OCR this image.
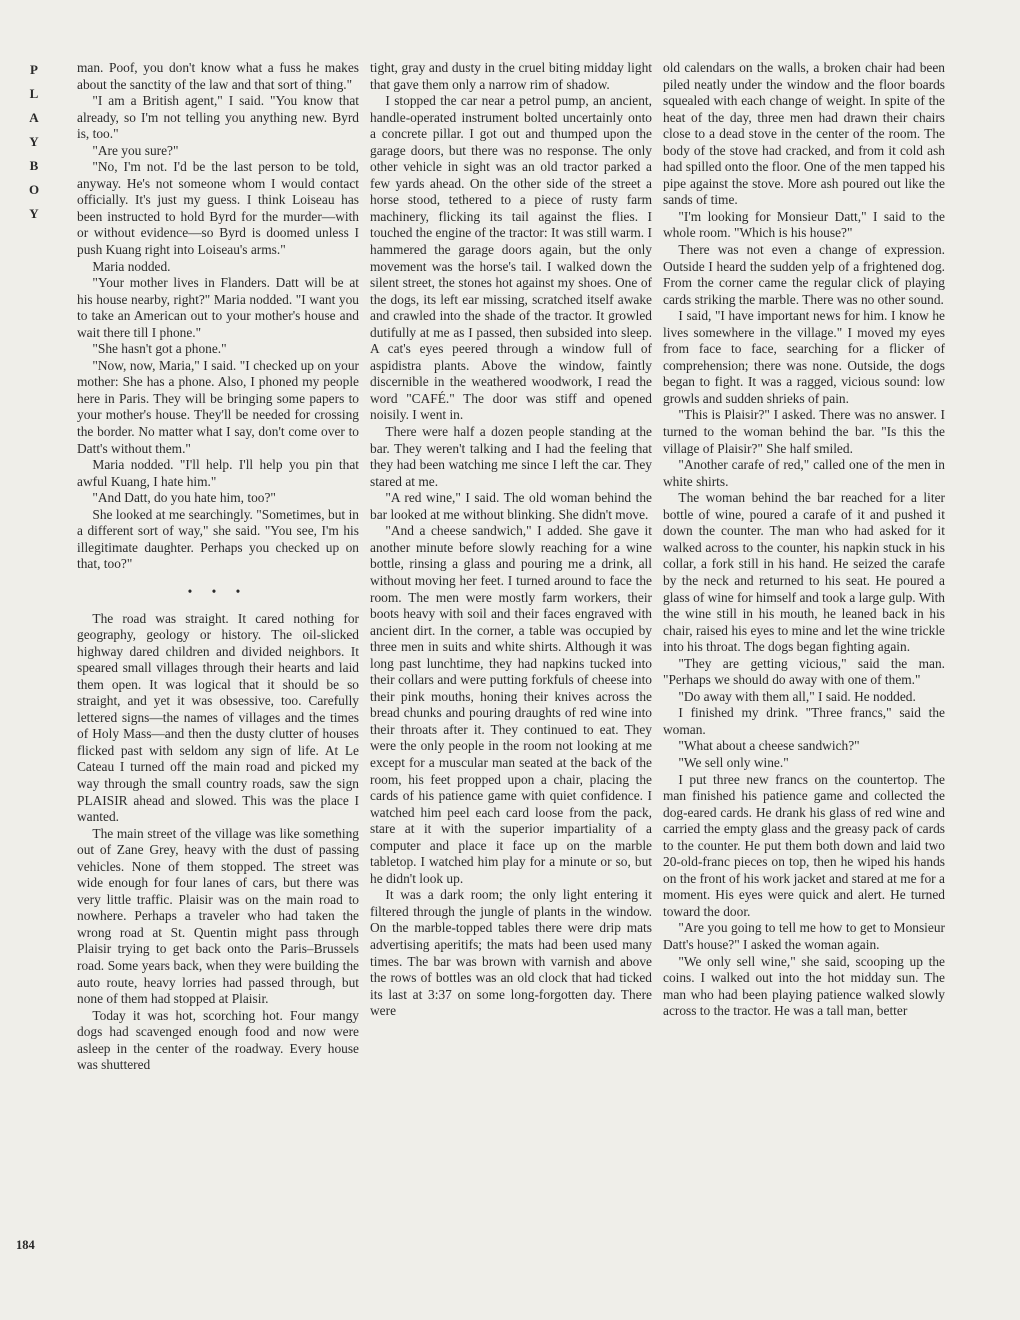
P
L
A
Y
B
O
Y
184

man. Poof, you don't know what a fuss he makes about the sanctity of the law and that sort of thing."

"I am a British agent," I said. "You know that already, so I'm not telling you anything new. Byrd is, too."

"Are you sure?"

"No, I'm not. I'd be the last person to be told, anyway. He's not someone whom I would contact officially. It's just my guess. I think Loiseau has been instructed to hold Byrd for the murder—with or without evidence—so Byrd is doomed unless I push Kuang right into Loiseau's arms."

Maria nodded.

"Your mother lives in Flanders. Datt will be at his house nearby, right?" Maria nodded. "I want you to take an American out to your mother's house and wait there till I phone."

"She hasn't got a phone."

"Now, now, Maria," I said. "I checked up on your mother: She has a phone. Also, I phoned my people here in Paris. They will be bringing some papers to your mother's house. They'll be needed for crossing the border. No matter what I say, don't come over to Datt's without them."

Maria nodded. "I'll help. I'll help you pin that awful Kuang, I hate him."

"And Datt, do you hate him, too?"

She looked at me searchingly. "Sometimes, but in a different sort of way," she said. "You see, I'm his illegitimate daughter. Perhaps you checked up on that, too?"

• • •

The road was straight. It cared nothing for geography, geology or history. The oil-slicked highway dared children and divided neighbors. It speared small villages through their hearts and laid them open. It was logical that it should be so straight, and yet it was obsessive, too. Carefully lettered signs—the names of villages and the times of Holy Mass—and then the dusty clutter of houses flicked past with seldom any sign of life. At Le Cateau I turned off the main road and picked my way through the small country roads, saw the sign PLAISIR ahead and slowed. This was the place I wanted.

The main street of the village was like something out of Zane Grey, heavy with the dust of passing vehicles. None of them stopped. The street was wide enough for four lanes of cars, but there was very little traffic. Plaisir was on the main road to nowhere. Perhaps a traveler who had taken the wrong road at St. Quentin might pass through Plaisir trying to get back onto the Paris–Brussels road. Some years back, when they were building the auto route, heavy lorries had passed through, but none of them had stopped at Plaisir.

Today it was hot, scorching hot. Four mangy dogs had scavenged enough food and now were asleep in the center of the roadway. Every house was shuttered

tight, gray and dusty in the cruel biting midday light that gave them only a narrow rim of shadow.

I stopped the car near a petrol pump, an ancient, handle-operated instrument bolted uncertainly onto a concrete pillar. I got out and thumped upon the garage doors, but there was no response. The only other vehicle in sight was an old tractor parked a few yards ahead. On the other side of the street a horse stood, tethered to a piece of rusty farm machinery, flicking its tail against the flies. I touched the engine of the tractor: It was still warm. I hammered the garage doors again, but the only movement was the horse's tail. I walked down the silent street, the stones hot against my shoes. One of the dogs, its left ear missing, scratched itself awake and crawled into the shade of the tractor. It growled dutifully at me as I passed, then subsided into sleep. A cat's eyes peered through a window full of aspidistra plants. Above the window, faintly discernible in the weathered woodwork, I read the word "CAFÉ." The door was stiff and opened noisily. I went in.

There were half a dozen people standing at the bar. They weren't talking and I had the feeling that they had been watching me since I left the car. They stared at me.

"A red wine," I said. The old woman behind the bar looked at me without blinking. She didn't move.

"And a cheese sandwich," I added. She gave it another minute before slowly reaching for a wine bottle, rinsing a glass and pouring me a drink, all without moving her feet. I turned around to face the room. The men were mostly farm workers, their boots heavy with soil and their faces engraved with ancient dirt. In the corner, a table was occupied by three men in suits and white shirts. Although it was long past lunchtime, they had napkins tucked into their collars and were putting forkfuls of cheese into their pink mouths, honing their knives across the bread chunks and pouring draughts of red wine into their throats after it. They continued to eat. They were the only people in the room not looking at me except for a muscular man seated at the back of the room, his feet propped upon a chair, placing the cards of his patience game with quiet confidence. I watched him peel each card loose from the pack, stare at it with the superior impartiality of a computer and place it face up on the marble tabletop. I watched him play for a minute or so, but he didn't look up.

It was a dark room; the only light entering it filtered through the jungle of plants in the window. On the marble-topped tables there were drip mats advertising aperitifs; the mats had been used many times. The bar was brown with varnish and above the rows of bottles was an old clock that had ticked its last at 3:37 on some long-forgotten day. There were

old calendars on the walls, a broken chair had been piled neatly under the window and the floor boards squealed with each change of weight. In spite of the heat of the day, three men had drawn their chairs close to a dead stove in the center of the room. The body of the stove had cracked, and from it cold ash had spilled onto the floor. One of the men tapped his pipe against the stove. More ash poured out like the sands of time.

"I'm looking for Monsieur Datt," I said to the whole room. "Which is his house?"

There was not even a change of expression. Outside I heard the sudden yelp of a frightened dog. From the corner came the regular click of playing cards striking the marble. There was no other sound.

I said, "I have important news for him. I know he lives somewhere in the village." I moved my eyes from face to face, searching for a flicker of comprehension; there was none. Outside, the dogs began to fight. It was a ragged, vicious sound: low growls and sudden shrieks of pain.

"This is Plaisir?" I asked. There was no answer. I turned to the woman behind the bar. "Is this the village of Plaisir?" She half smiled.

"Another carafe of red," called one of the men in white shirts.

The woman behind the bar reached for a liter bottle of wine, poured a carafe of it and pushed it down the counter. The man who had asked for it walked across to the counter, his napkin stuck in his collar, a fork still in his hand. He seized the carafe by the neck and returned to his seat. He poured a glass of wine for himself and took a large gulp. With the wine still in his mouth, he leaned back in his chair, raised his eyes to mine and let the wine trickle into his throat. The dogs began fighting again.

"They are getting vicious," said the man. "Perhaps we should do away with one of them."

"Do away with them all," I said. He nodded.

I finished my drink. "Three francs," said the woman.

"What about a cheese sandwich?"

"We sell only wine."

I put three new francs on the countertop. The man finished his patience game and collected the dog-eared cards. He drank his glass of red wine and carried the empty glass and the greasy pack of cards to the counter. He put them both down and laid two 20-old-franc pieces on top, then he wiped his hands on the front of his work jacket and stared at me for a moment. His eyes were quick and alert. He turned toward the door.

"Are you going to tell me how to get to Monsieur Datt's house?" I asked the woman again.

"We only sell wine," she said, scooping up the coins. I walked out into the hot midday sun. The man who had been playing patience walked slowly across to the tractor. He was a tall man, better
